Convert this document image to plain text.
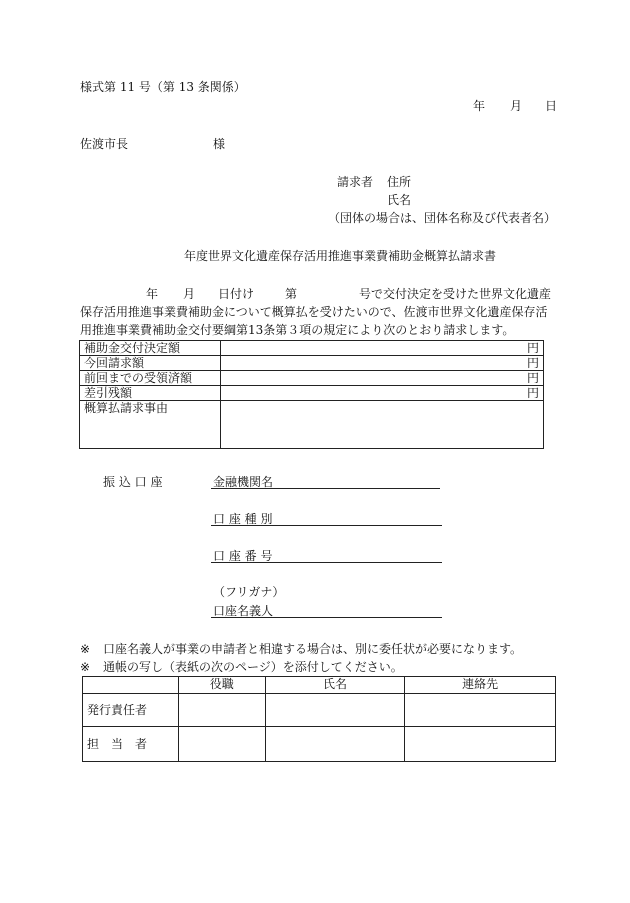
様式第 11 号（第 13 条関係）
年 月 日
佐渡市長	様
請求者 住所
氏名
（団体の場合は、団体名称及び代表者名）
年度世界文化遺産保存活用推進事業費補助金概算払請求書
年 月 日付け	第	号で交付決定を受けた世界文化遺産
保存活用推進事業費補助金について概算払を受けたいので、佐渡市世界文化遺産保存活
用推進事業費補助金交付要綱第13条第３項の規定により次のとおり請求します。
補助金交付決定額	円
今回請求額	円
前回までの受領済額	円
差引残額	円
概算払請求事由	
振 込 口 座	金融機関名
口 座 種 別
口 座 番 号
（フリガナ）
口座名義人
※ 口座名義人が事業の申請者と相違する場合は、別に委任状が必要になります。
※ 通帳の写し（表紙の次のページ）を添付してください。
	役職	氏名	連絡先
発行責任者			
担　当　者			
